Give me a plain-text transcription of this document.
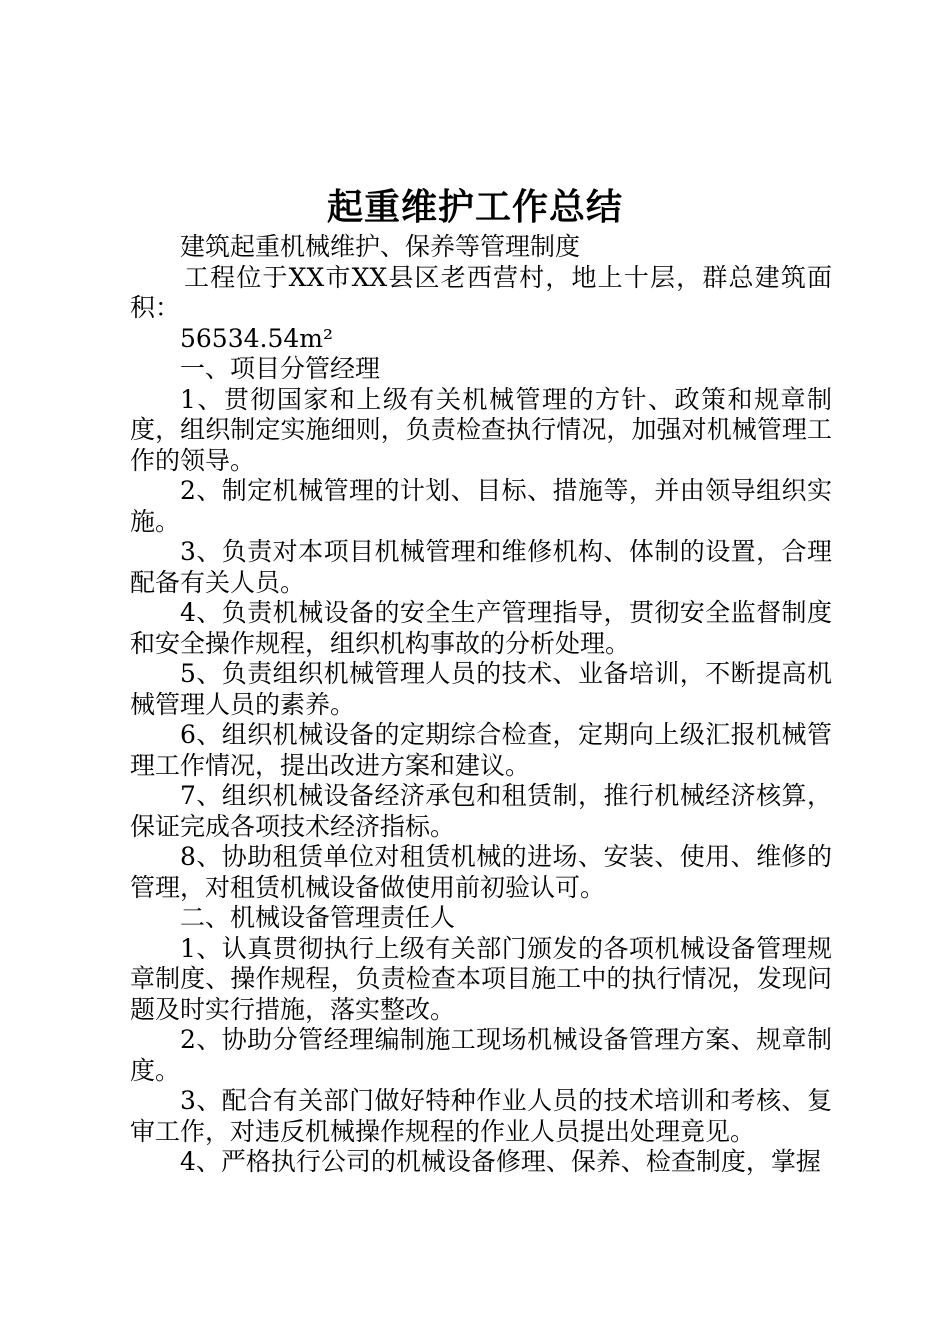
起重维护工作总结

建筑起重机械维护、保养等管理制度

工程位于XX市XX县区老西营村，地上十层，群总建筑面积：

56534.54m²

一、项目分管经理

1、贯彻国家和上级有关机械管理的方针、政策和规章制度，组织制定实施细则，负责检查执行情况，加强对机械管理工作的领导。

2、制定机械管理的计划、目标、措施等，并由领导组织实施。

3、负责对本项目机械管理和维修机构、体制的设置，合理配备有关人员。

4、负责机械设备的安全生产管理指导，贯彻安全监督制度和安全操作规程，组织机构事故的分析处理。

5、负责组织机械管理人员的技术、业备培训，不断提高机械管理人员的素养。

6、组织机械设备的定期综合检查，定期向上级汇报机械管理工作情况，提出改进方案和建议。

7、组织机械设备经济承包和租赁制，推行机械经济核算，保证完成各项技术经济指标。

8、协助租赁单位对租赁机械的进场、安装、使用、维修的管理，对租赁机械设备做使用前初验认可。

二、机械设备管理责任人

1、认真贯彻执行上级有关部门颁发的各项机械设备管理规章制度、操作规程，负责检查本项目施工中的执行情况，发现问题及时实行措施，落实整改。

2、协助分管经理编制施工现场机械设备管理方案、规章制度。

3、配合有关部门做好特种作业人员的技术培训和考核、复审工作，对违反机械操作规程的作业人员提出处理竟见。

4、严格执行公司的机械设备修理、保养、检查制度，掌握
